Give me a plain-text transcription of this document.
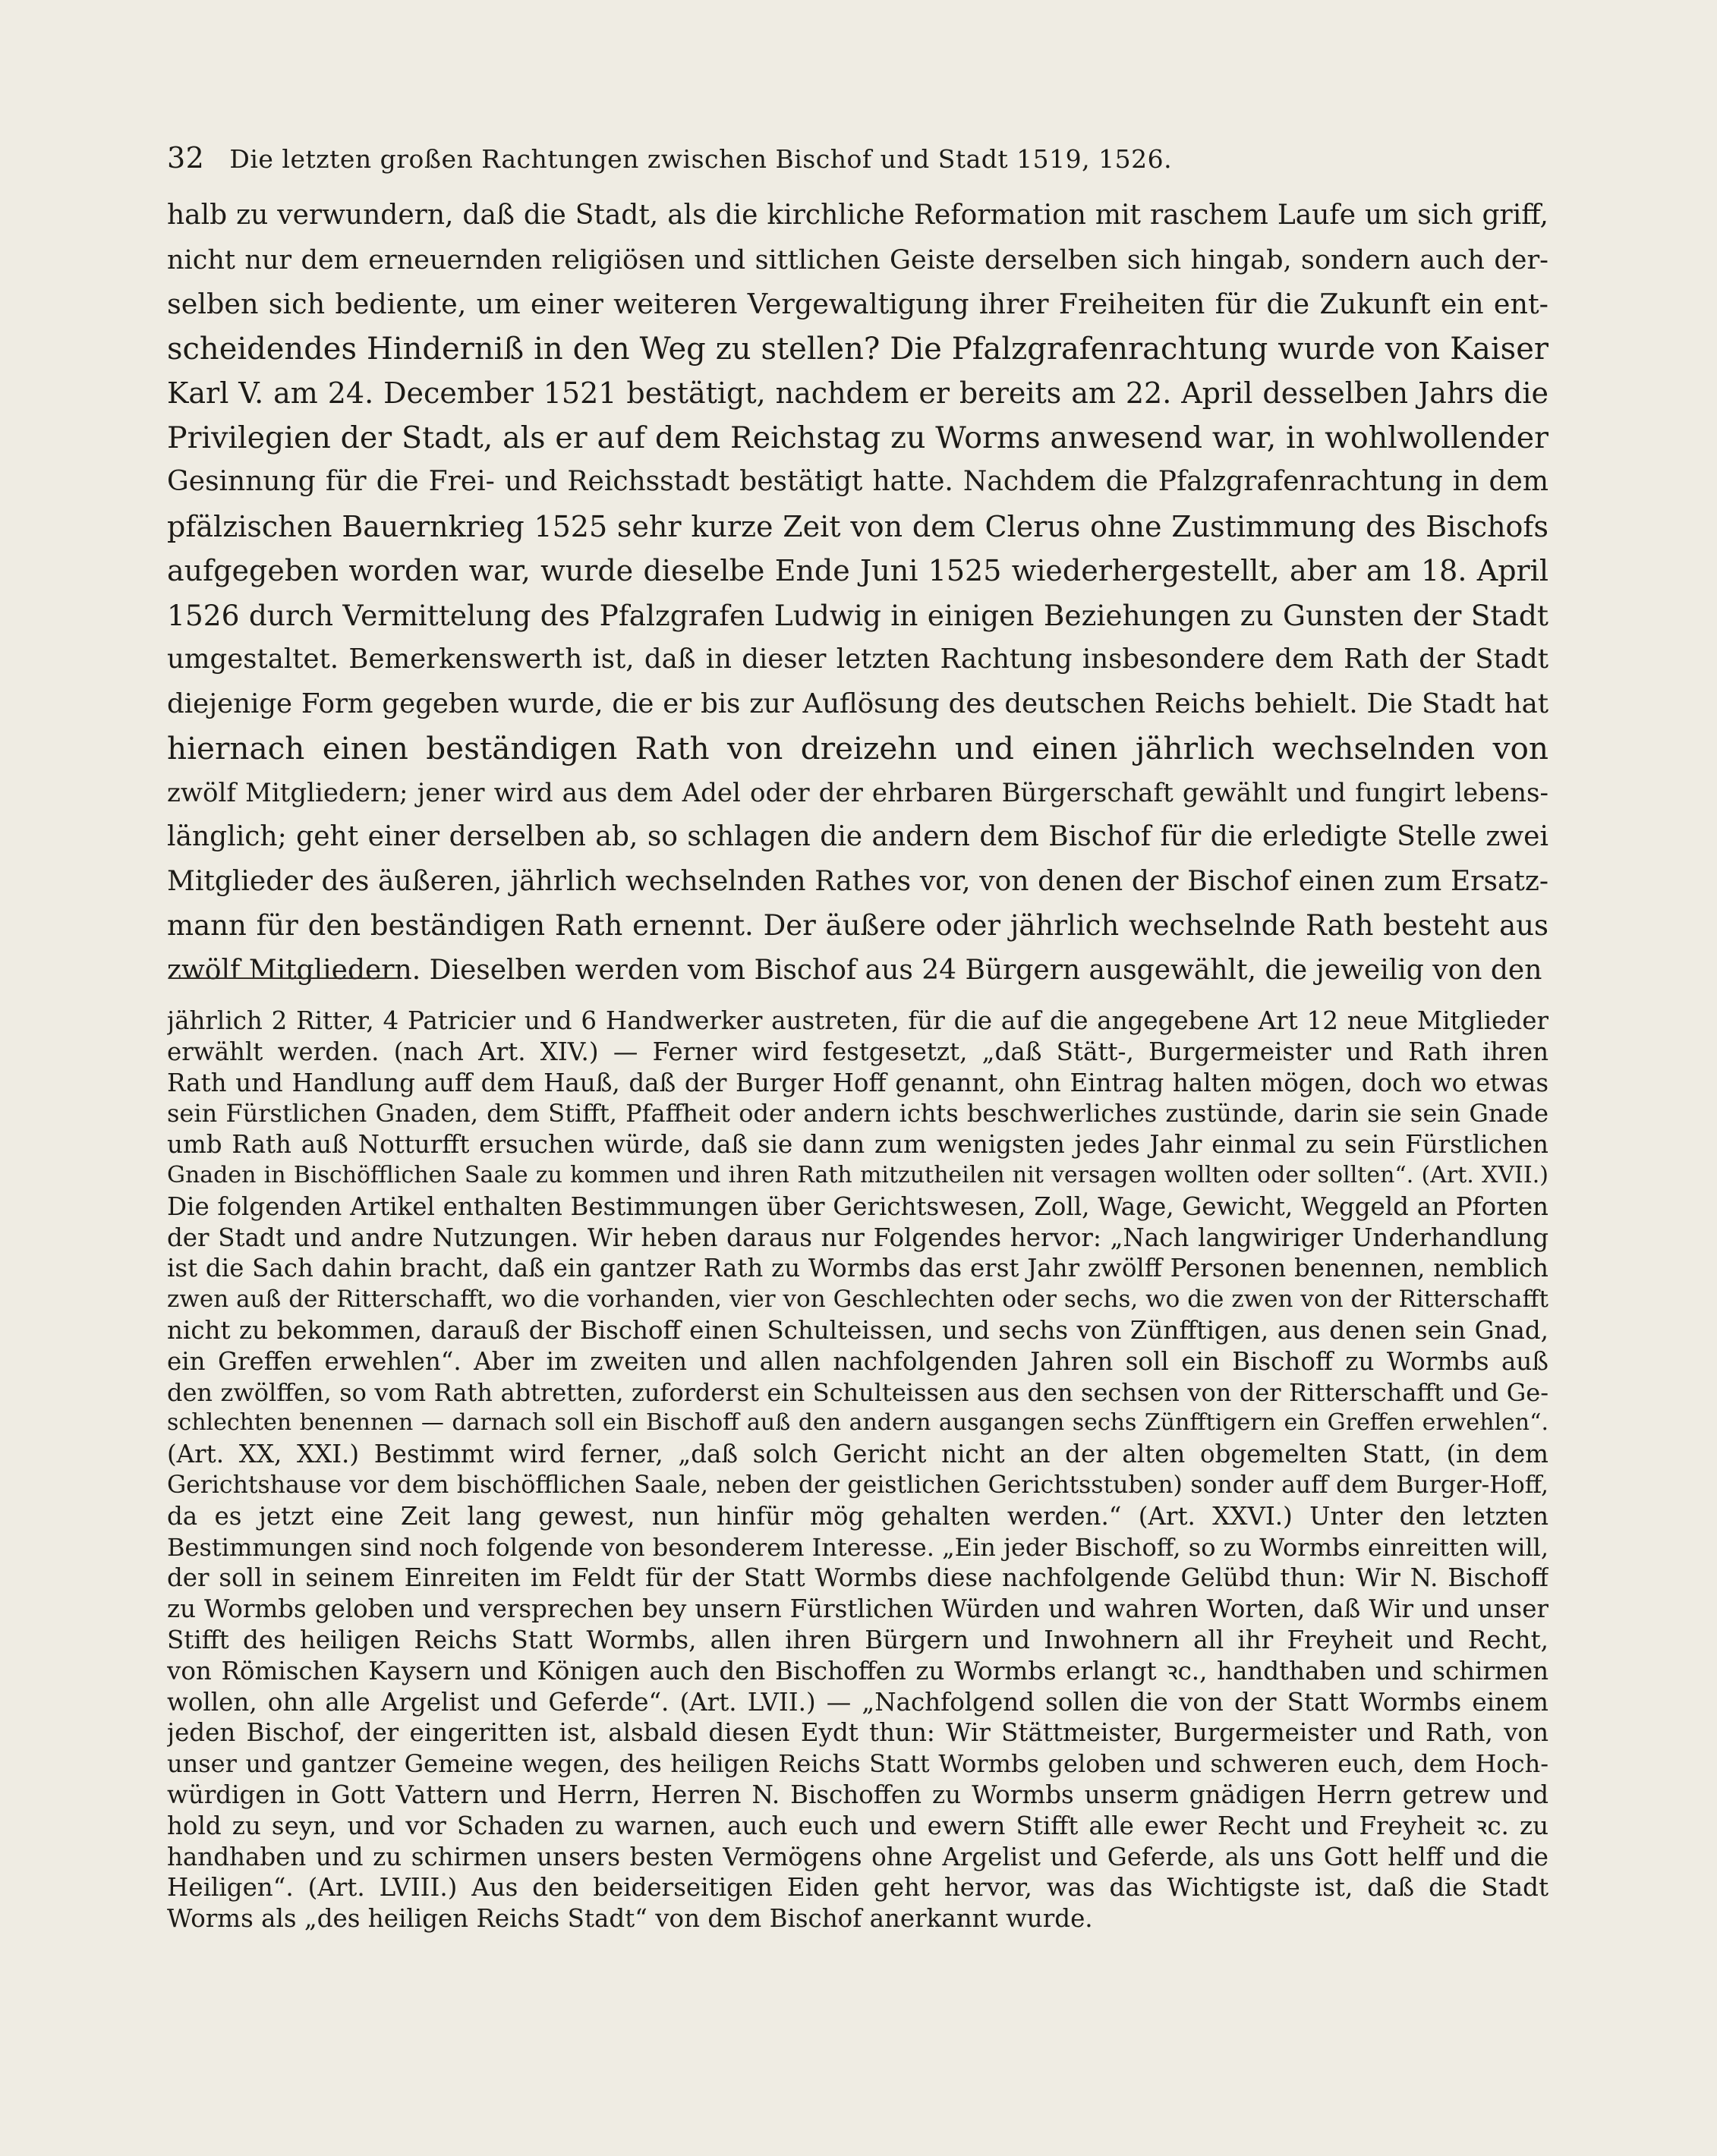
32 Die letzten großen Rachtungen zwischen Bischof und Stadt 1519, 1526.
halb zu verwundern, daß die Stadt, als die kirchliche Reformation mit raschem Laufe um sich griff,
nicht nur dem erneuernden religiösen und sittlichen Geiste derselben sich hingab, sondern auch der-
selben sich bediente, um einer weiteren Vergewaltigung ihrer Freiheiten für die Zukunft ein ent-
scheidendes Hinderniß in den Weg zu stellen? Die Pfalzgrafenrachtung wurde von Kaiser
Karl V. am 24. December 1521 bestätigt, nachdem er bereits am 22. April desselben Jahrs die
Privilegien der Stadt, als er auf dem Reichstag zu Worms anwesend war, in wohlwollender
Gesinnung für die Frei- und Reichsstadt bestätigt hatte. Nachdem die Pfalzgrafenrachtung in dem
pfälzischen Bauernkrieg 1525 sehr kurze Zeit von dem Clerus ohne Zustimmung des Bischofs
aufgegeben worden war, wurde dieselbe Ende Juni 1525 wiederhergestellt, aber am 18. April
1526 durch Vermittelung des Pfalzgrafen Ludwig in einigen Beziehungen zu Gunsten der Stadt
umgestaltet. Bemerkenswerth ist, daß in dieser letzten Rachtung insbesondere dem Rath der Stadt
diejenige Form gegeben wurde, die er bis zur Auflösung des deutschen Reichs behielt. Die Stadt hat
hiernach einen beständigen Rath von dreizehn und einen jährlich wechselnden von
zwölf Mitgliedern; jener wird aus dem Adel oder der ehrbaren Bürgerschaft gewählt und fungirt lebens-
länglich; geht einer derselben ab, so schlagen die andern dem Bischof für die erledigte Stelle zwei
Mitglieder des äußeren, jährlich wechselnden Rathes vor, von denen der Bischof einen zum Ersatz-
mann für den beständigen Rath ernennt. Der äußere oder jährlich wechselnde Rath besteht aus
zwölf Mitgliedern. Dieselben werden vom Bischof aus 24 Bürgern ausgewählt, die jeweilig von den
jährlich 2 Ritter, 4 Patricier und 6 Handwerker austreten, für die auf die angegebene Art 12 neue Mitglieder
erwählt werden. (nach Art. XIV.) — Ferner wird festgesetzt, „daß Stätt-, Burgermeister und Rath ihren
Rath und Handlung auff dem Hauß, daß der Burger Hoff genannt, ohn Eintrag halten mögen, doch wo etwas
sein Fürstlichen Gnaden, dem Stifft, Pfaffheit oder andern ichts beschwerliches zustünde, darin sie sein Gnade
umb Rath auß Notturfft ersuchen würde, daß sie dann zum wenigsten jedes Jahr einmal zu sein Fürstlichen
Gnaden in Bischöfflichen Saale zu kommen und ihren Rath mitzutheilen nit versagen wollten oder sollten“. (Art. XVII.)
Die folgenden Artikel enthalten Bestimmungen über Gerichtswesen, Zoll, Wage, Gewicht, Weggeld an Pforten
der Stadt und andre Nutzungen. Wir heben daraus nur Folgendes hervor: „Nach langwiriger Underhandlung
ist die Sach dahin bracht, daß ein gantzer Rath zu Wormbs das erst Jahr zwölff Personen benennen, nemblich
zwen auß der Ritterschafft, wo die vorhanden, vier von Geschlechten oder sechs, wo die zwen von der Ritterschafft
nicht zu bekommen, darauß der Bischoff einen Schulteissen, und sechs von Zünfftigen, aus denen sein Gnad,
ein Greffen erwehlen“. Aber im zweiten und allen nachfolgenden Jahren soll ein Bischoff zu Wormbs auß
den zwölffen, so vom Rath abtretten, zuforderst ein Schulteissen aus den sechsen von der Ritterschafft und Ge-
schlechten benennen — darnach soll ein Bischoff auß den andern ausgangen sechs Zünfftigern ein Greffen erwehlen“.
(Art. XX, XXI.) Bestimmt wird ferner, „daß solch Gericht nicht an der alten obgemelten Statt, (in dem
Gerichtshause vor dem bischöfflichen Saale, neben der geistlichen Gerichtsstuben) sonder auff dem Burger-Hoff,
da es jetzt eine Zeit lang gewest, nun hinfür mög gehalten werden.“ (Art. XXVI.) Unter den letzten
Bestimmungen sind noch folgende von besonderem Interesse. „Ein jeder Bischoff, so zu Wormbs einreitten will,
der soll in seinem Einreiten im Feldt für der Statt Wormbs diese nachfolgende Gelübd thun: Wir N. Bischoff
zu Wormbs geloben und versprechen bey unsern Fürstlichen Würden und wahren Worten, daß Wir und unser
Stifft des heiligen Reichs Statt Wormbs, allen ihren Bürgern und Inwohnern all ihr Freyheit und Recht,
von Römischen Kaysern und Königen auch den Bischoffen zu Wormbs erlangt ꝛc., handthaben und schirmen
wollen, ohn alle Argelist und Geferde“. (Art. LVII.) — „Nachfolgend sollen die von der Statt Wormbs einem
jeden Bischof, der eingeritten ist, alsbald diesen Eydt thun: Wir Stättmeister, Burgermeister und Rath, von
unser und gantzer Gemeine wegen, des heiligen Reichs Statt Wormbs geloben und schweren euch, dem Hoch-
würdigen in Gott Vattern und Herrn, Herren N. Bischoffen zu Wormbs unserm gnädigen Herrn getrew und
hold zu seyn, und vor Schaden zu warnen, auch euch und ewern Stifft alle ewer Recht und Freyheit ꝛc. zu
handhaben und zu schirmen unsers besten Vermögens ohne Argelist und Geferde, als uns Gott helff und die
Heiligen“. (Art. LVIII.) Aus den beiderseitigen Eiden geht hervor, was das Wichtigste ist, daß die Stadt
Worms als „des heiligen Reichs Stadt“ von dem Bischof anerkannt wurde.
